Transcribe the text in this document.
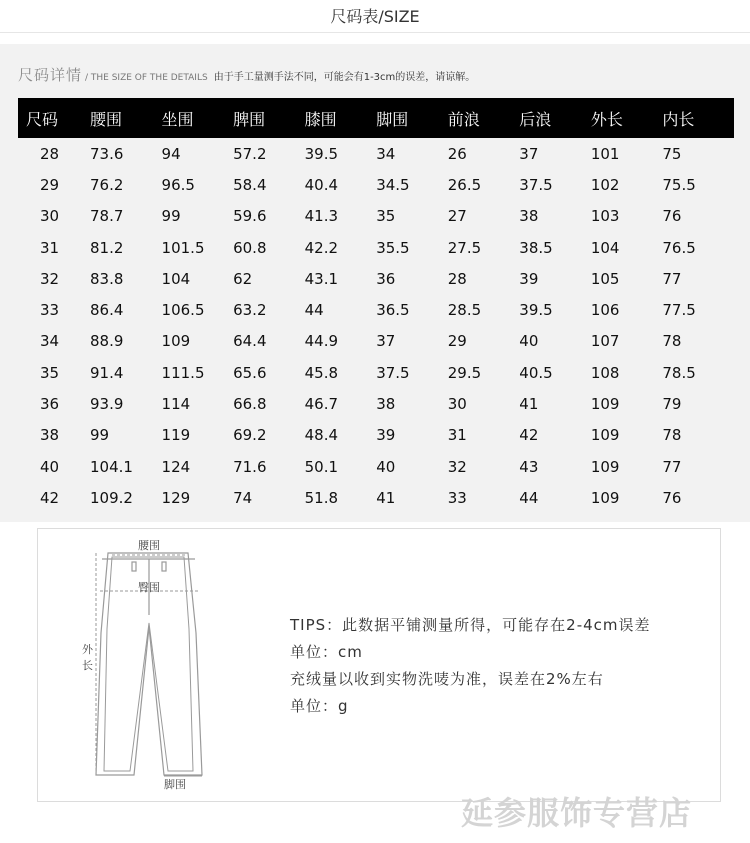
尺码表/SIZE
尺码详情 / THE SIZE OF THE DETAILS 由于手工量测手法不同，可能会有1-3cm的误差，请谅解。
尺码	腰围	坐围	脾围	膝围	脚围	前浪	后浪	外长	内长
28	73.6	94	57.2	39.5	34	26	37	101	75
29	76.2	96.5	58.4	40.4	34.5	26.5	37.5	102	75.5
30	78.7	99	59.6	41.3	35	27	38	103	76
31	81.2	101.5	60.8	42.2	35.5	27.5	38.5	104	76.5
32	83.8	104	62	43.1	36	28	39	105	77
33	86.4	106.5	63.2	44	36.5	28.5	39.5	106	77.5
34	88.9	109	64.4	44.9	37	29	40	107	78
35	91.4	111.5	65.6	45.8	37.5	29.5	40.5	108	78.5
36	93.9	114	66.8	46.7	38	30	41	109	79
38	99	119	69.2	48.4	39	31	42	109	78
40	104.1	124	71.6	50.1	40	32	43	109	77
42	109.2	129	74	51.8	41	33	44	109	76
腰围
臀围
外
长
脚围
TIPS：此数据平铺测量所得，可能存在2-4cm误差
单位：cm
充绒量以收到实物洗唛为准，误差在2%左右
单位：g
延参服饰专营店
